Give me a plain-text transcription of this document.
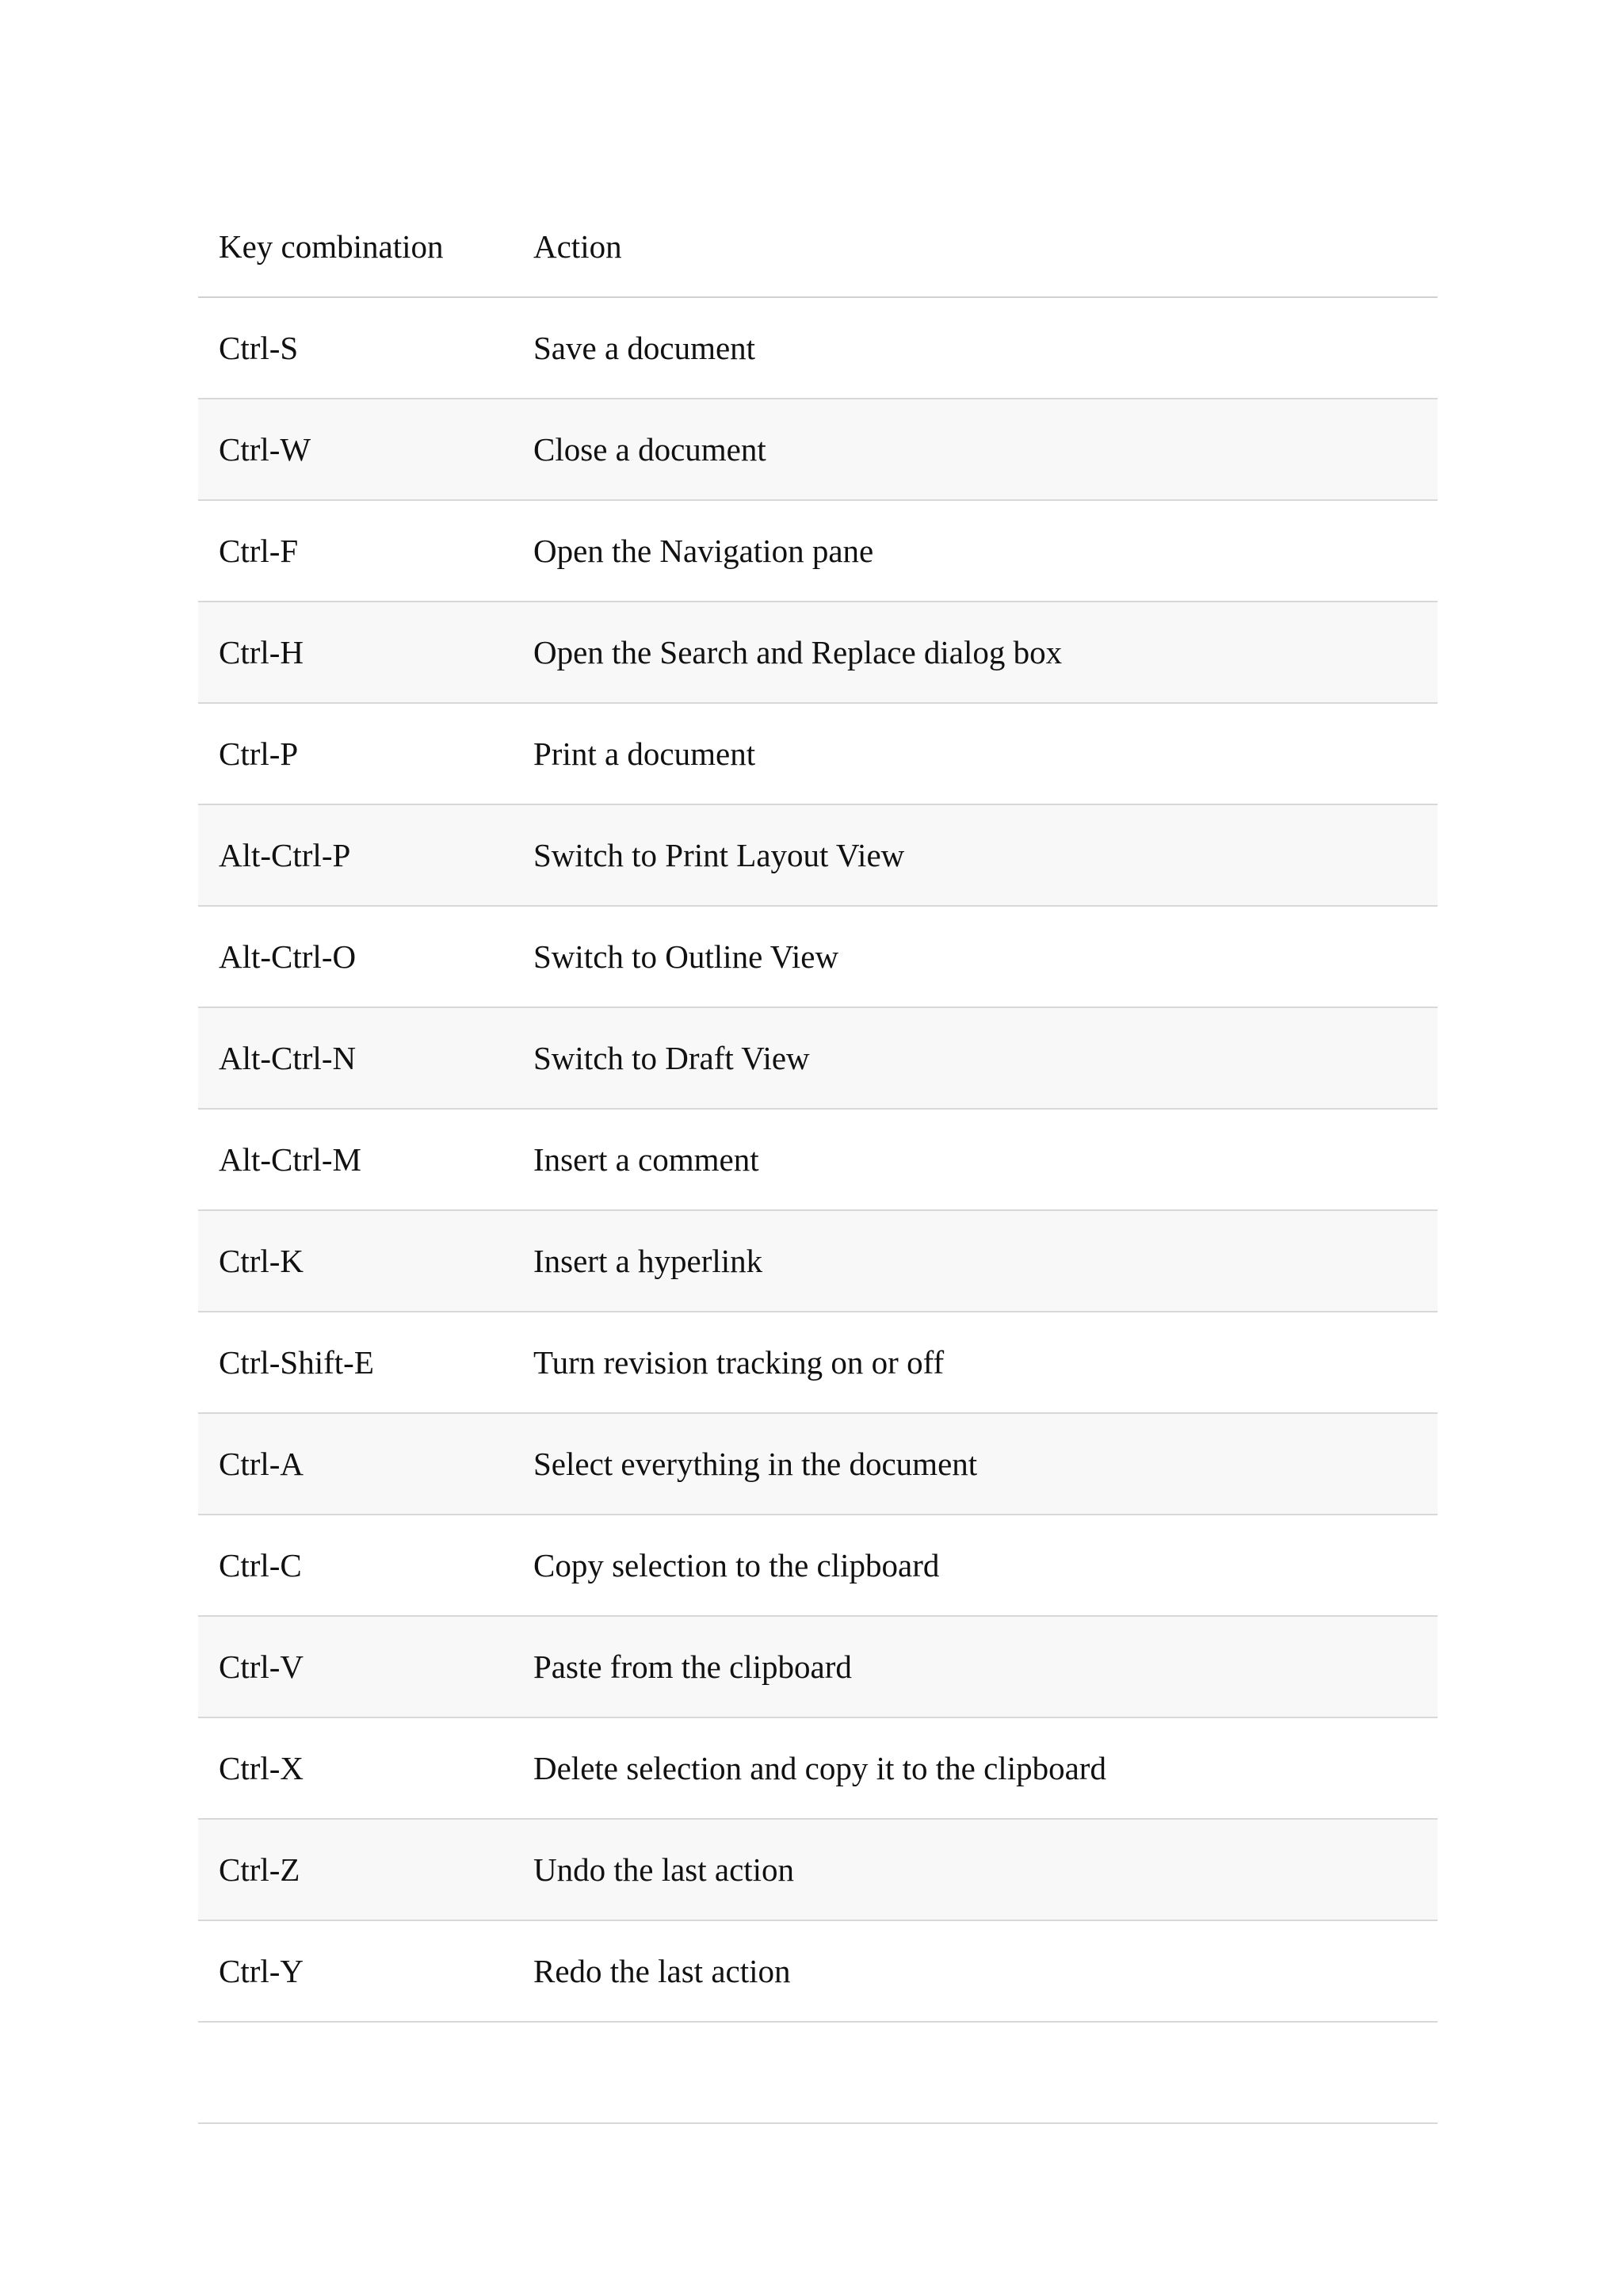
Key combination	Action
Ctrl-S	Save a document
Ctrl-W	Close a document
Ctrl-F	Open the Navigation pane
Ctrl-H	Open the Search and Replace dialog box
Ctrl-P	Print a document
Alt-Ctrl-P	Switch to Print Layout View
Alt-Ctrl-O	Switch to Outline View
Alt-Ctrl-N	Switch to Draft View
Alt-Ctrl-M	Insert a comment
Ctrl-K	Insert a hyperlink
Ctrl-Shift-E	Turn revision tracking on or off
Ctrl-A	Select everything in the document
Ctrl-C	Copy selection to the clipboard
Ctrl-V	Paste from the clipboard
Ctrl-X	Delete selection and copy it to the clipboard
Ctrl-Z	Undo the last action
Ctrl-Y	Redo the last action
